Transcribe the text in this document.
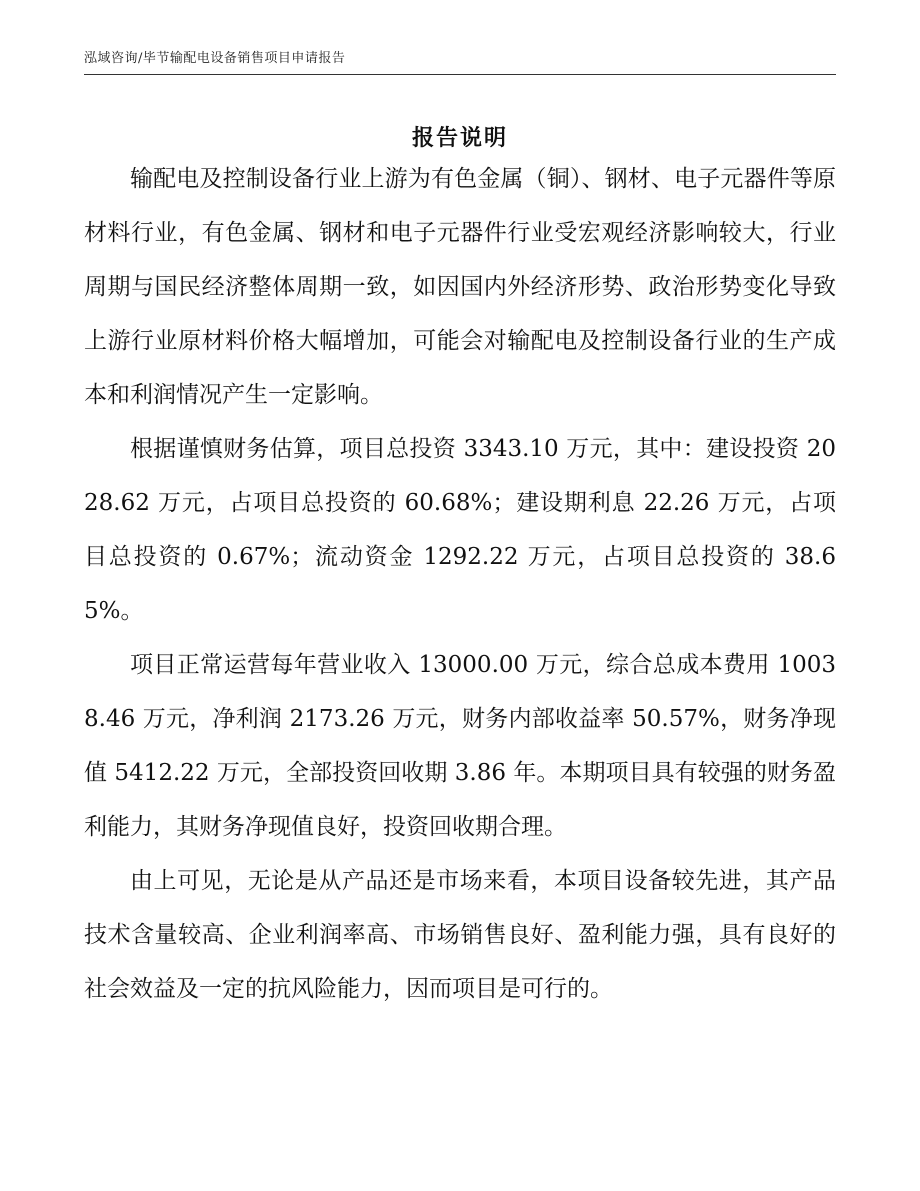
泓域咨询/毕节输配电设备销售项目申请报告
报告说明

输配电及控制设备行业上游为有色金属（铜）、钢材、电子元器件等原材料行业，有色金属、钢材和电子元器件行业受宏观经济影响较大，行业周期与国民经济整体周期一致，如因国内外经济形势、政治形势变化导致上游行业原材料价格大幅增加，可能会对输配电及控制设备行业的生产成本和利润情况产生一定影响。

根据谨慎财务估算，项目总投资 3343.10 万元，其中：建设投资 2028.62 万元，占项目总投资的 60.68%；建设期利息 22.26 万元，占项目总投资的 0.67%；流动资金 1292.22 万元，占项目总投资的 38.65%。

项目正常运营每年营业收入 13000.00 万元，综合总成本费用 10038.46 万元，净利润 2173.26 万元，财务内部收益率 50.57%，财务净现值 5412.22 万元，全部投资回收期 3.86 年。本期项目具有较强的财务盈利能力，其财务净现值良好，投资回收期合理。

由上可见，无论是从产品还是市场来看，本项目设备较先进，其产品技术含量较高、企业利润率高、市场销售良好、盈利能力强，具有良好的社会效益及一定的抗风险能力，因而项目是可行的。
